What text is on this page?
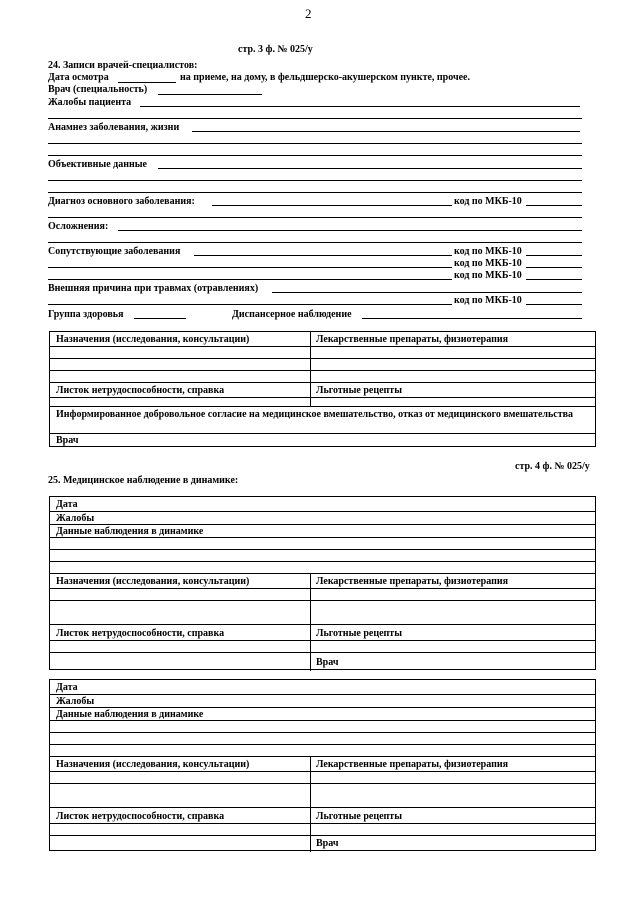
2
стр. 3 ф. № 025/у
24. Записи врачей-специалистов:
Дата осмотра	на приеме, на дому, в фельдшерско-акушерском пункте, прочее.
Врач (специальность)
Жалобы пациента
Анамнез заболевания, жизни
Объективные данные
Диагноз основного заболевания:	код по МКБ-10
Осложнения:
Сопутствующие заболевания	код по МКБ-10
код по МКБ-10
код по МКБ-10
Внешняя причина при травмах (отравлениях)
код по МКБ-10
Группа здоровья	Диспансерное наблюдение
Назначения (исследования, консультации)	Лекарственные препараты, физиотерапия
Листок нетрудоспособности, справка	Льготные рецепты
Информированное добровольное согласие на медицинское вмешательство, отказ от медицинского вмешательства
Врач
стр. 4 ф. № 025/у
25. Медицинское наблюдение в динамике:
Дата
Жалобы
Данные наблюдения в динамике
Назначения (исследования, консультации)	Лекарственные препараты, физиотерапия
Листок нетрудоспособности, справка	Льготные рецепты
Врач
Дата
Жалобы
Данные наблюдения в динамике
Назначения (исследования, консультации)	Лекарственные препараты, физиотерапия
Листок нетрудоспособности, справка	Льготные рецепты
Врач
